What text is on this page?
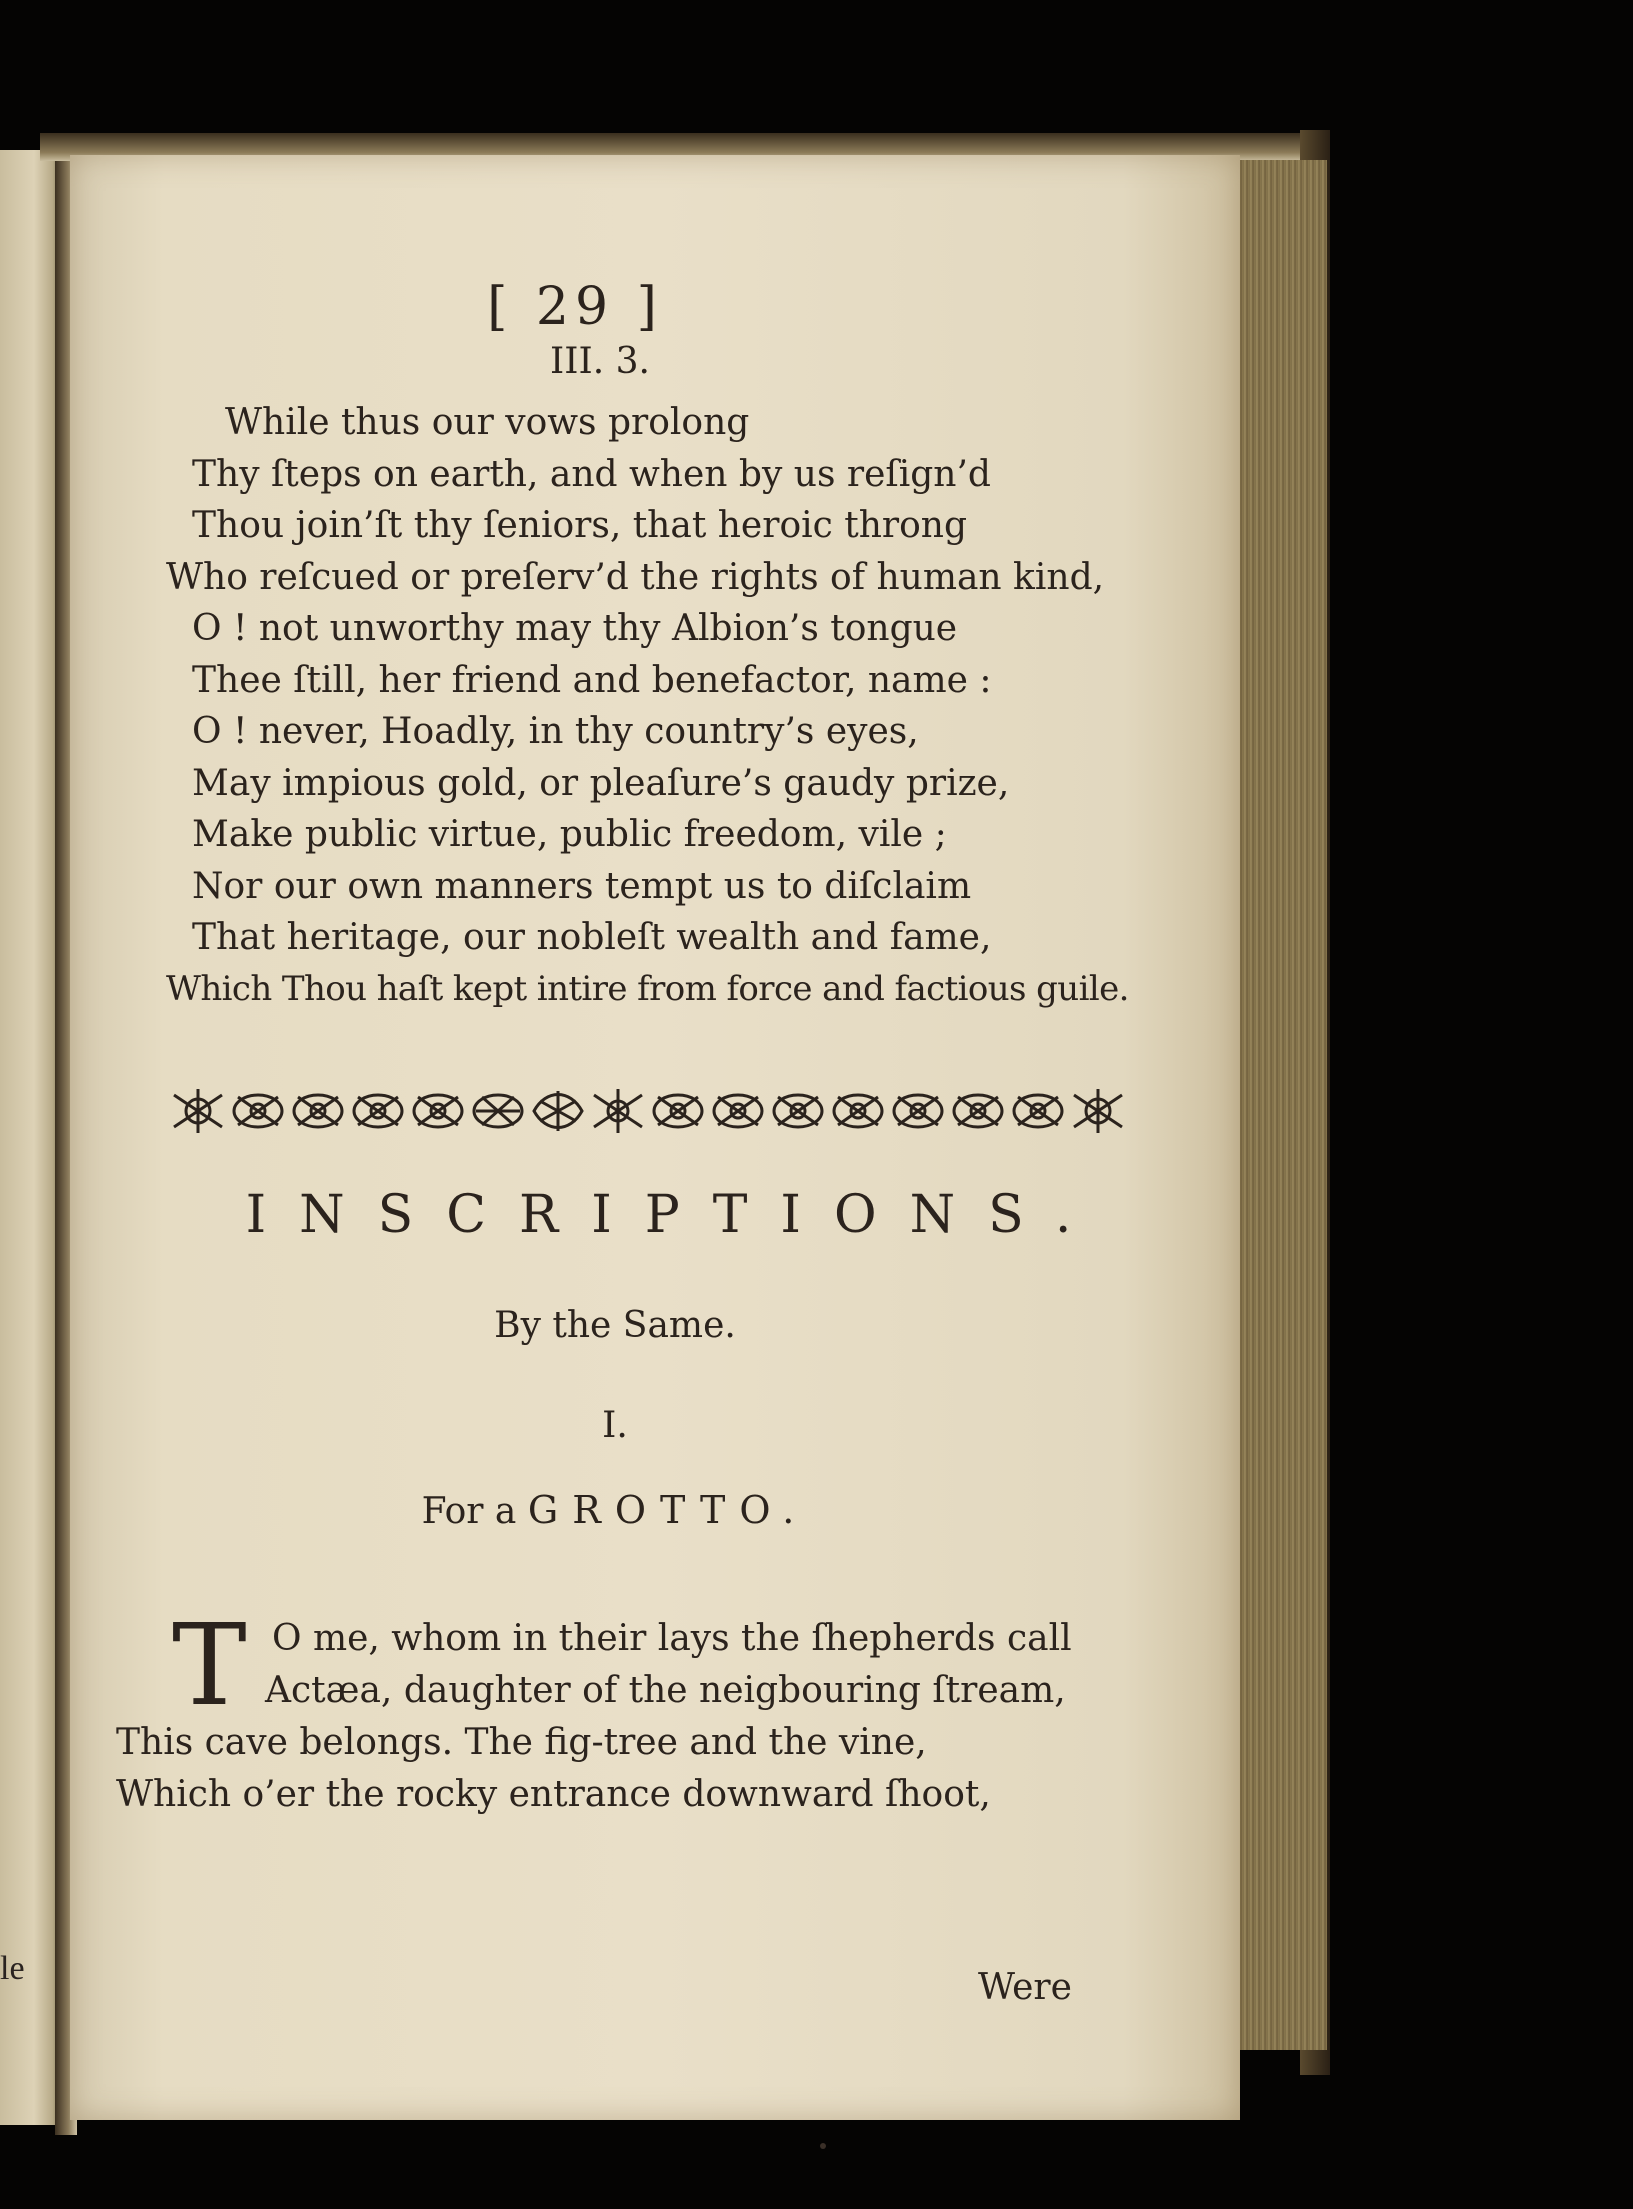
le
[ 29 ]
III. 3.
While thus our vows prolong
Thy ſteps on earth, and when by us reſign’d
Thou join’ſt thy ſeniors, that heroic throng
Who reſcued or preſerv’d the rights of human kind,
O ! not unworthy may thy Albion’s tongue
Thee ſtill, her friend and benefactor, name :
O ! never, Hoadly, in thy country’s eyes,
May impious gold, or pleaſure’s gaudy prize,
Make public virtue, public freedom, vile ;
Nor our own manners tempt us to diſclaim
That heritage, our nobleſt wealth and fame,
Which Thou haſt kept intire from force and factious guile.
INSCRIPTIONS.
By the Same.
I.
For a GROTTO.
T O me, whom in their lays the ſhepherds call
Actæa, daughter of the neigbouring ſtream,
This cave belongs. The fig-tree and the vine,
Which o’er the rocky entrance downward ſhoot,
Were
